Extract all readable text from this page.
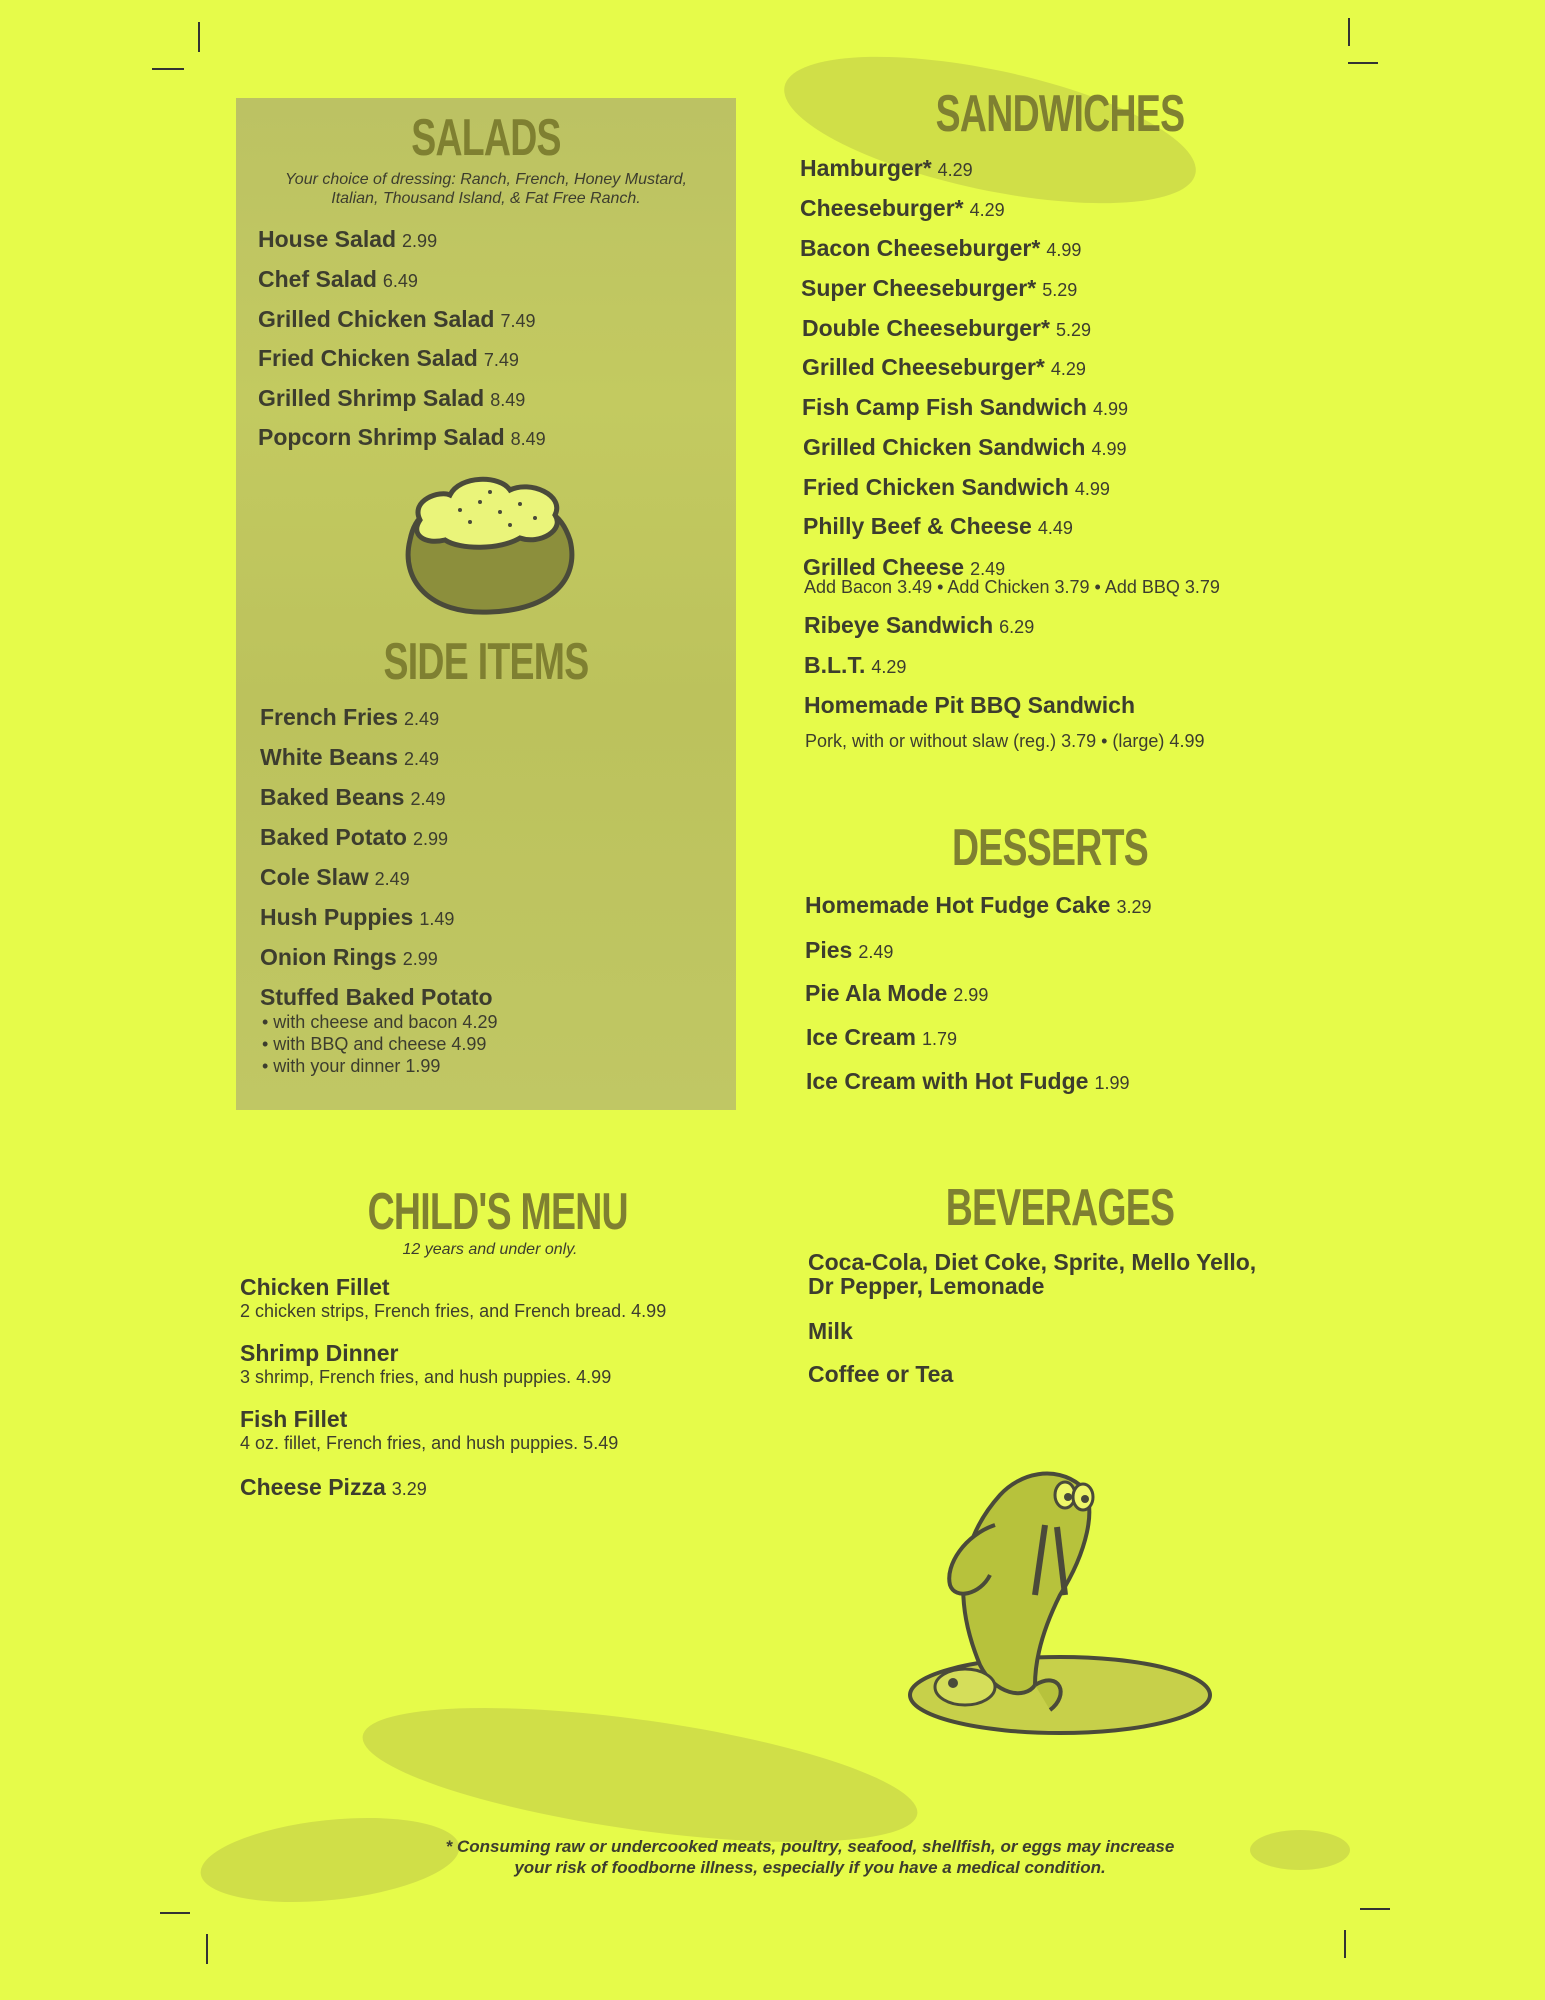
SALADS
Your choice of dressing: Ranch, French, Honey Mustard,
Italian, Thousand Island, & Fat Free Ranch.
House Salad 2.99
Chef Salad 6.49
Grilled Chicken Salad 7.49
Fried Chicken Salad 7.49
Grilled Shrimp Salad 8.49
Popcorn Shrimp Salad 8.49
SIDE ITEMS
French Fries 2.49
White Beans 2.49
Baked Beans 2.49
Baked Potato 2.99
Cole Slaw 2.49
Hush Puppies 1.49
Onion Rings 2.99
Stuffed Baked Potato
• with cheese and bacon 4.29
• with BBQ and cheese 4.99
• with your dinner 1.99
SANDWICHES
Hamburger* 4.29
Cheeseburger* 4.29
Bacon Cheeseburger* 4.99
Super Cheeseburger* 5.29
Double Cheeseburger* 5.29
Grilled Cheeseburger* 4.29
Fish Camp Fish Sandwich 4.99
Grilled Chicken Sandwich 4.99
Fried Chicken Sandwich 4.99
Philly Beef & Cheese 4.49
Grilled Cheese 2.49
Add Bacon 3.49 • Add Chicken 3.79 • Add BBQ 3.79
Ribeye Sandwich 6.29
B.L.T. 4.29
Homemade Pit BBQ Sandwich
Pork, with or without slaw (reg.) 3.79 • (large) 4.99
DESSERTS
Homemade Hot Fudge Cake 3.29
Pies 2.49
Pie Ala Mode 2.99
Ice Cream 1.79
Ice Cream with Hot Fudge 1.99
CHILD'S MENU
12 years and under only.
Chicken Fillet
2 chicken strips, French fries, and French bread. 4.99
Shrimp Dinner
3 shrimp, French fries, and hush puppies. 4.99
Fish Fillet
4 oz. fillet, French fries, and hush puppies. 5.49
Cheese Pizza 3.29
BEVERAGES
Coca-Cola, Diet Coke, Sprite, Mello Yello,
Dr Pepper, Lemonade
Milk
Coffee or Tea
* Consuming raw or undercooked meats, poultry, seafood, shellfish, or eggs may increase
your risk of foodborne illness, especially if you have a medical condition.
